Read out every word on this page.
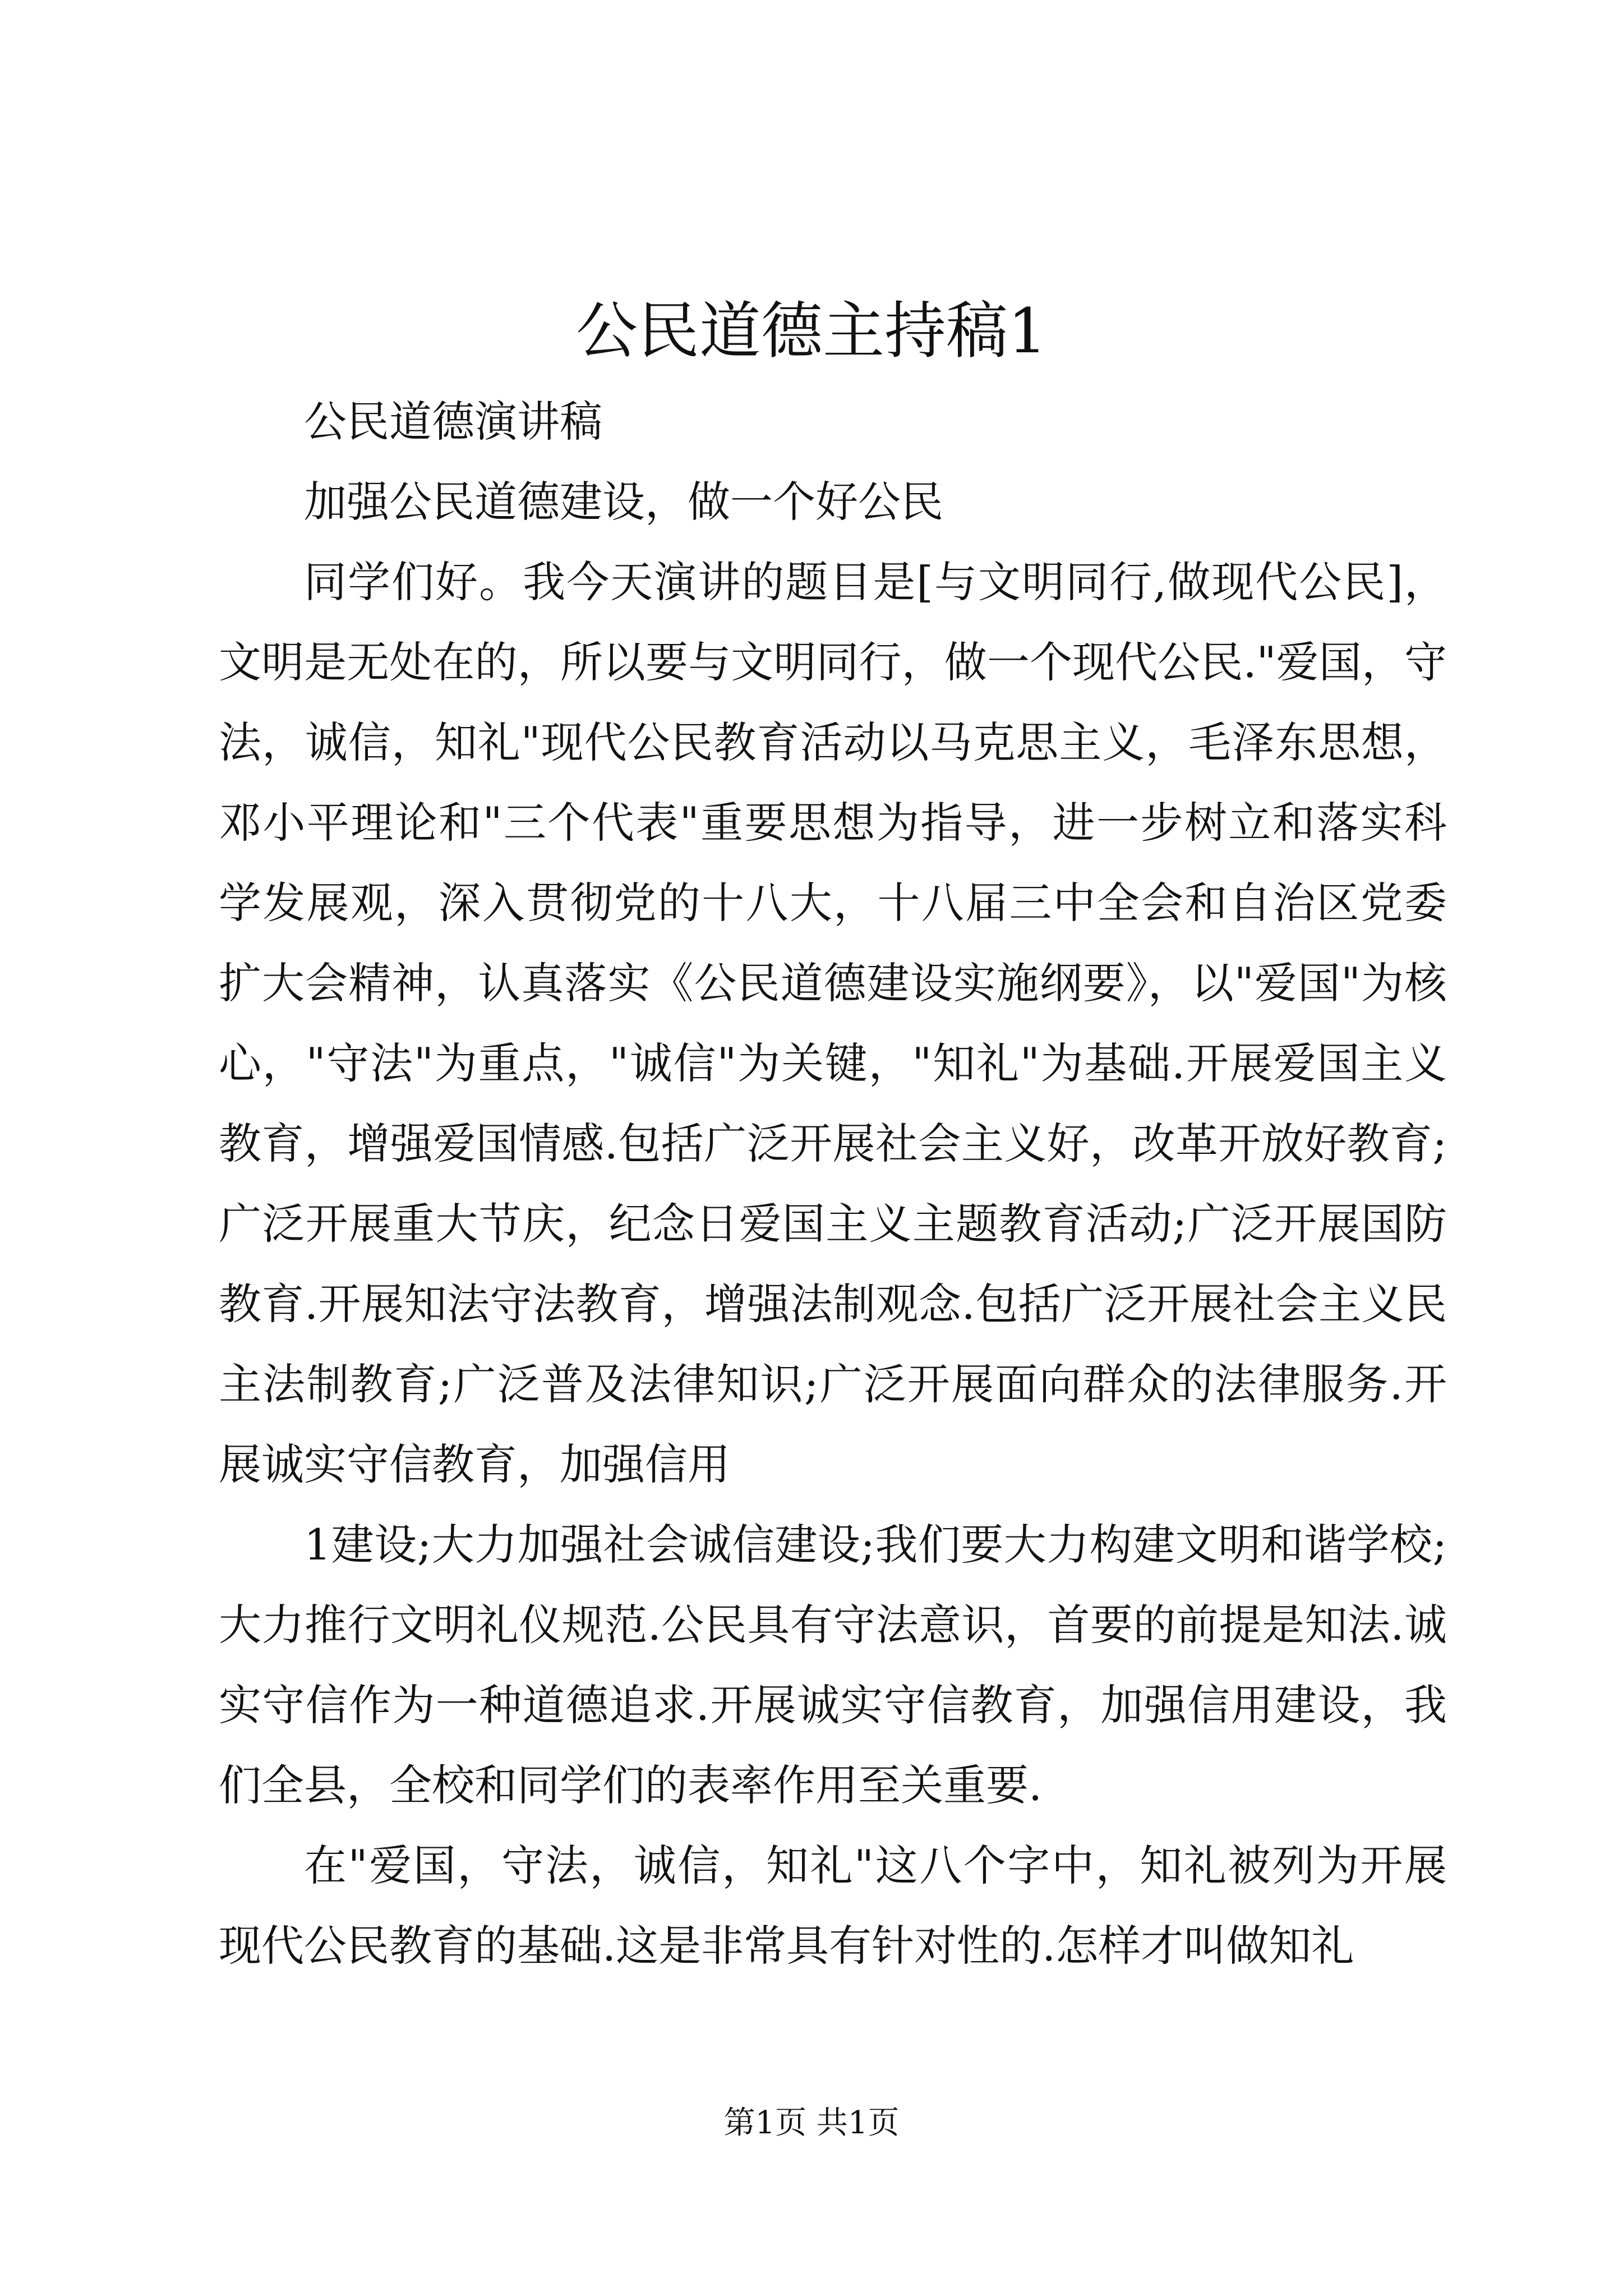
公民道德主持稿1

公民道德演讲稿

加强公民道德建设，做一个好公民

同学们好。我今天演讲的题目是[与文明同行,做现代公民]，文明是无处在的，所以要与文明同行，做一个现代公民."爱国，守法，诚信，知礼"现代公民教育活动以马克思主义，毛泽东思想，邓小平理论和"三个代表"重要思想为指导，进一步树立和落实科学发展观，深入贯彻党的十八大，十八届三中全会和自治区党委扩大会精神，认真落实《公民道德建设实施纲要》，以"爱国"为核心，"守法"为重点，"诚信"为关键，"知礼"为基础.开展爱国主义教育，增强爱国情感.包括广泛开展社会主义好，改革开放好教育;广泛开展重大节庆，纪念日爱国主义主题教育活动;广泛开展国防教育.开展知法守法教育，增强法制观念.包括广泛开展社会主义民主法制教育;广泛普及法律知识;广泛开展面向群众的法律服务.开展诚实守信教育，加强信用

1建设;大力加强社会诚信建设;我们要大力构建文明和谐学校;大力推行文明礼仪规范.公民具有守法意识，首要的前提是知法.诚实守信作为一种道德追求.开展诚实守信教育，加强信用建设，我们全县，全校和同学们的表率作用至关重要.

在"爱国，守法，诚信，知礼"这八个字中，知礼被列为开展现代公民教育的基础.这是非常具有针对性的.怎样才叫做知礼

第1页 共1页
